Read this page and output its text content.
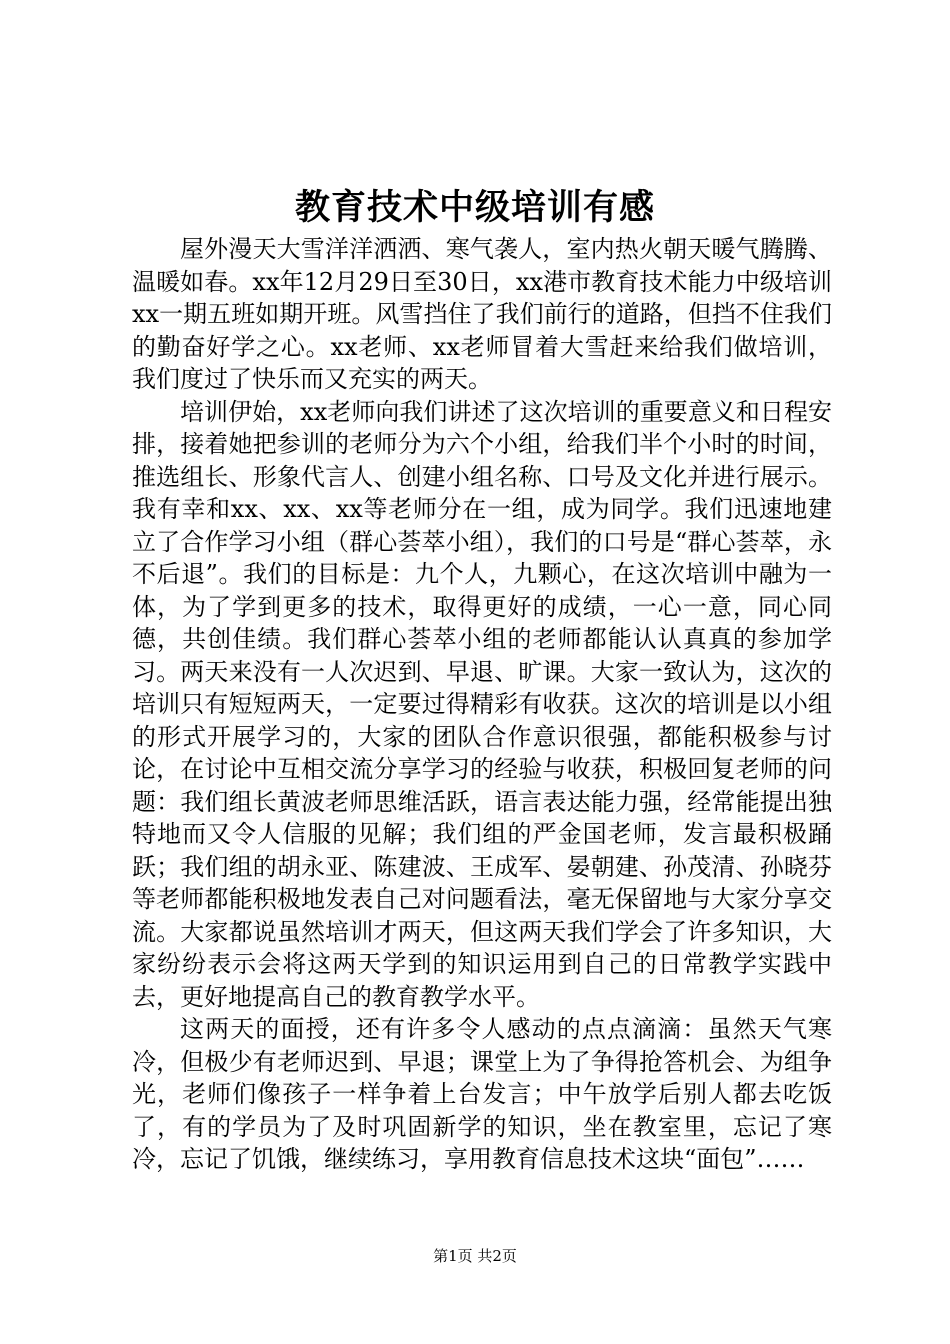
教育技术中级培训有感

屋外漫天大雪洋洋洒洒、寒气袭人，室内热火朝天暖气腾腾、温暖如春。xx年12月29日至30日，xx港市教育技术能力中级培训xx一期五班如期开班。风雪挡住了我们前行的道路，但挡不住我们的勤奋好学之心。xx老师、xx老师冒着大雪赶来给我们做培训，我们度过了快乐而又充实的两天。

培训伊始，xx老师向我们讲述了这次培训的重要意义和日程安排，接着她把参训的老师分为六个小组，给我们半个小时的时间，推选组长、形象代言人、创建小组名称、口号及文化并进行展示。我有幸和xx、xx、xx等老师分在一组，成为同学。我们迅速地建立了合作学习小组（群心荟萃小组），我们的口号是“群心荟萃，永不后退”。我们的目标是：九个人，九颗心，在这次培训中融为一体，为了学到更多的技术，取得更好的成绩，一心一意，同心同德，共创佳绩。我们群心荟萃小组的老师都能认认真真的参加学习。两天来没有一人次迟到、早退、旷课。大家一致认为，这次的培训只有短短两天，一定要过得精彩有收获。这次的培训是以小组的形式开展学习的，大家的团队合作意识很强，都能积极参与讨论，在讨论中互相交流分享学习的经验与收获，积极回复老师的问题：我们组长黄波老师思维活跃，语言表达能力强，经常能提出独特地而又令人信服的见解；我们组的严金国老师，发言最积极踊跃；我们组的胡永亚、陈建波、王成军、晏朝建、孙茂清、孙晓芬等老师都能积极地发表自己对问题看法，毫无保留地与大家分享交流。大家都说虽然培训才两天，但这两天我们学会了许多知识，大家纷纷表示会将这两天学到的知识运用到自己的日常教学实践中去，更好地提高自己的教育教学水平。

这两天的面授，还有许多令人感动的点点滴滴：虽然天气寒冷，但极少有老师迟到、早退；课堂上为了争得抢答机会、为组争光，老师们像孩子一样争着上台发言；中午放学后别人都去吃饭了，有的学员为了及时巩固新学的知识，坐在教室里，忘记了寒冷，忘记了饥饿，继续练习，享用教育信息技术这块“面包”……

第1页 共2页
